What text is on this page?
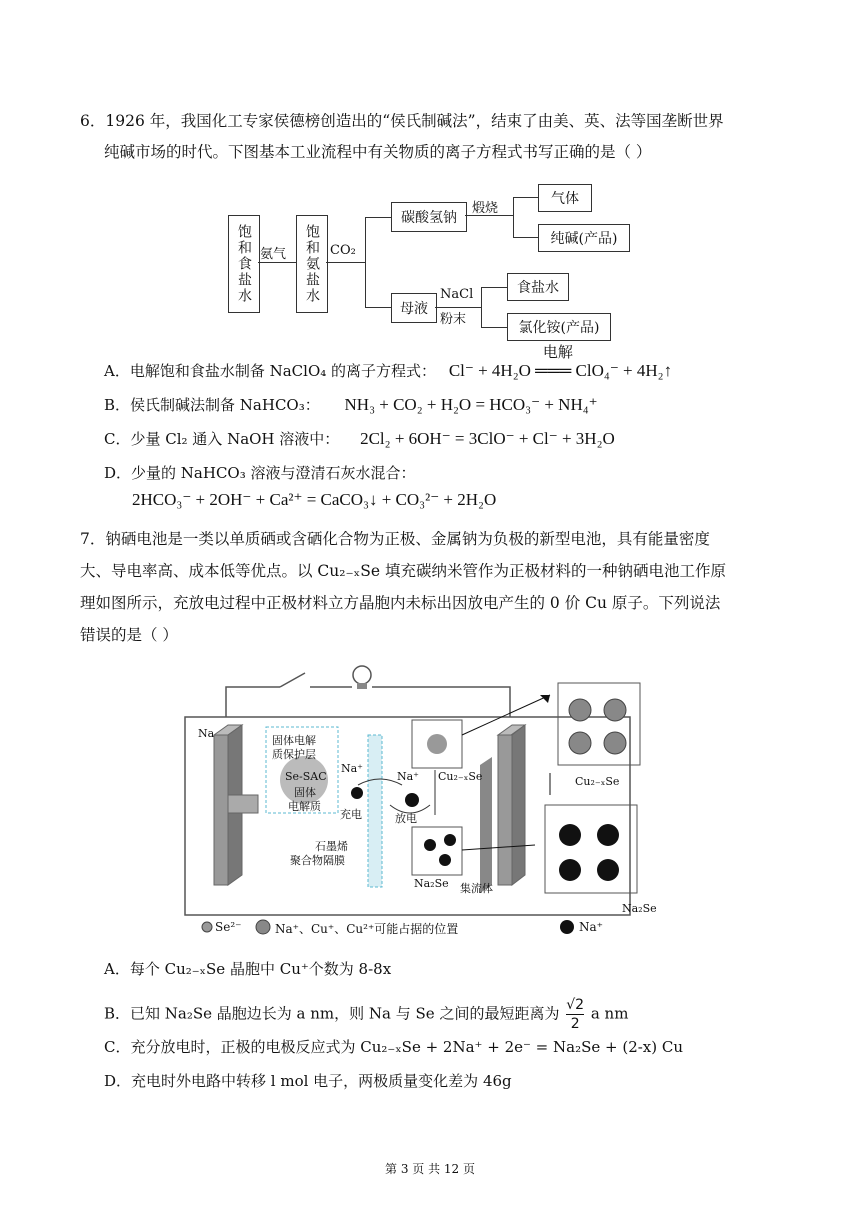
6．1926 年，我国化工专家侯德榜创造出的“侯氏制碱法”，结束了由美、英、法等国垄断世界
纯碱市场的时代。下图基本工业流程中有关物质的离子方程式书写正确的是（ ）
饱和食盐水 氨气 饱和氨盐水 CO₂
碳酸氢钠
煅烧
气体
纯碱(产品)
母液
NaCl
粉末
食盐水
氯化铵(产品)
A．电解饱和食盐水制备 NaClO₄ 的离子方程式：
电解
Cl⁻ + 4H₂O ═══ ClO₄⁻ + 4H₂↑
B．侯氏制碱法制备 NaHCO₃： NH₃ + CO₂ + H₂O = HCO₃⁻ + NH₄⁺
C．少量 Cl₂ 通入 NaOH 溶液中： 2Cl₂ + 6OH⁻ = 3ClO⁻ + Cl⁻ + 3H₂O
D．少量的 NaHCO₃ 溶液与澄清石灰水混合：
2HCO₃⁻ + 2OH⁻ + Ca²⁺ = CaCO₃↓ + CO₃²⁻ + 2H₂O
7．钠硒电池是一类以单质硒或含硒化合物为正极、金属钠为负极的新型电池，具有能量密度
大、导电率高、成本低等优点。以 Cu₂₋ₓSe 填充碳纳米管作为正极材料的一种钠硒电池工作原
理如图所示，充放电过程中正极材料立方晶胞内未标出因放电产生的 0 价 Cu 原子。下列说法
错误的是（ ）
Na
固体电解
质保护层
Se-SAC
固体
电解质
Na⁺
Na⁺
充电	放电
石墨烯
聚合物隔膜
Cu₂₋ₓSe
Na₂Se 集流体
Cu₂₋ₓSe
Na₂Se
Se²⁻	Na⁺、Cu⁺、Cu²⁺可能占据的位置	Na⁺
A．每个 Cu₂₋ₓSe 晶胞中 Cu⁺个数为 8-8x
B．已知 Na₂Se 晶胞边长为 a nm，则 Na 与 Se 之间的最短距离为 $\frac{√2}{2}$ a nm
C．充分放电时，正极的电极反应式为 Cu₂₋ₓSe + 2Na⁺ + 2e⁻ = Na₂Se + (2-x) Cu
D．充电时外电路中转移 l mol 电子，两极质量变化差为 46g
第 3 页 共 12 页
